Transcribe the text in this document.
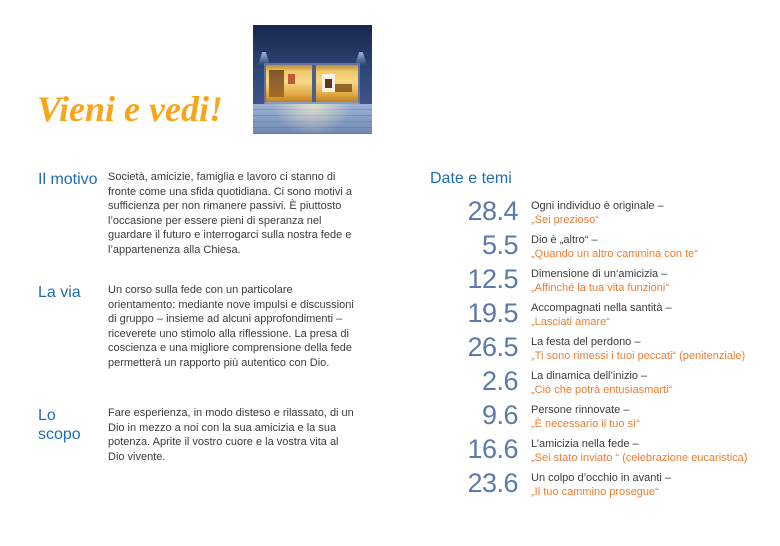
Vieni e vedi!
Il motivo Società, amicizie, famiglia e lavoro ci stanno di fronte come una sfida quotidiana. Ci sono motivi a sufficienza per non rimanere passivi. È piuttosto l’occasione per essere pieni di speranza nel guardare il futuro e interrogarci sulla nostra fede e l’appartenenza alla Chiesa.
La via	Un corso sulla fede con un particolare orientamento: mediante nove impulsi e discussioni di gruppo – insieme ad alcuni approfondimenti – riceverete uno stimolo alla riflessione. La presa di coscienza e una migliore comprensione della fede permetterà un rapporto più autentico con Dio.
Lo scopo
Fare esperienza, in modo disteso e rilassato, di un Dio in mezzo a noi con la sua amicizia e la sua potenza. Aprite il vostro cuore e la vostra vita al Dio vivente.
Date e temi
28.4 Ogni individuo è originale –
„Sei prezioso“
5.5 Dio è „altro“ –
„Quando un altro cammina con te“
12.5 Dimensione di un‘amicizia –
„Affinché la tua vita funzioni“
19.5 Accompagnati nella santità –
„Lasciati amare“
26.5 La festa del perdono –
„Ti sono rimessi i tuoi peccati“ (penitenziale)
2.6 La dinamica dell’inizio –
„Ciò che potrà entusiasmarti“
9.6 Persone rinnovate –
„È necessario il tuo sì“
16.6 L’amicizia nella fede –
„Sei stato inviato “ (celebrazione eucaristica)
23.6 Un colpo d’occhio in avanti –
„Il tuo cammino prosegue“
